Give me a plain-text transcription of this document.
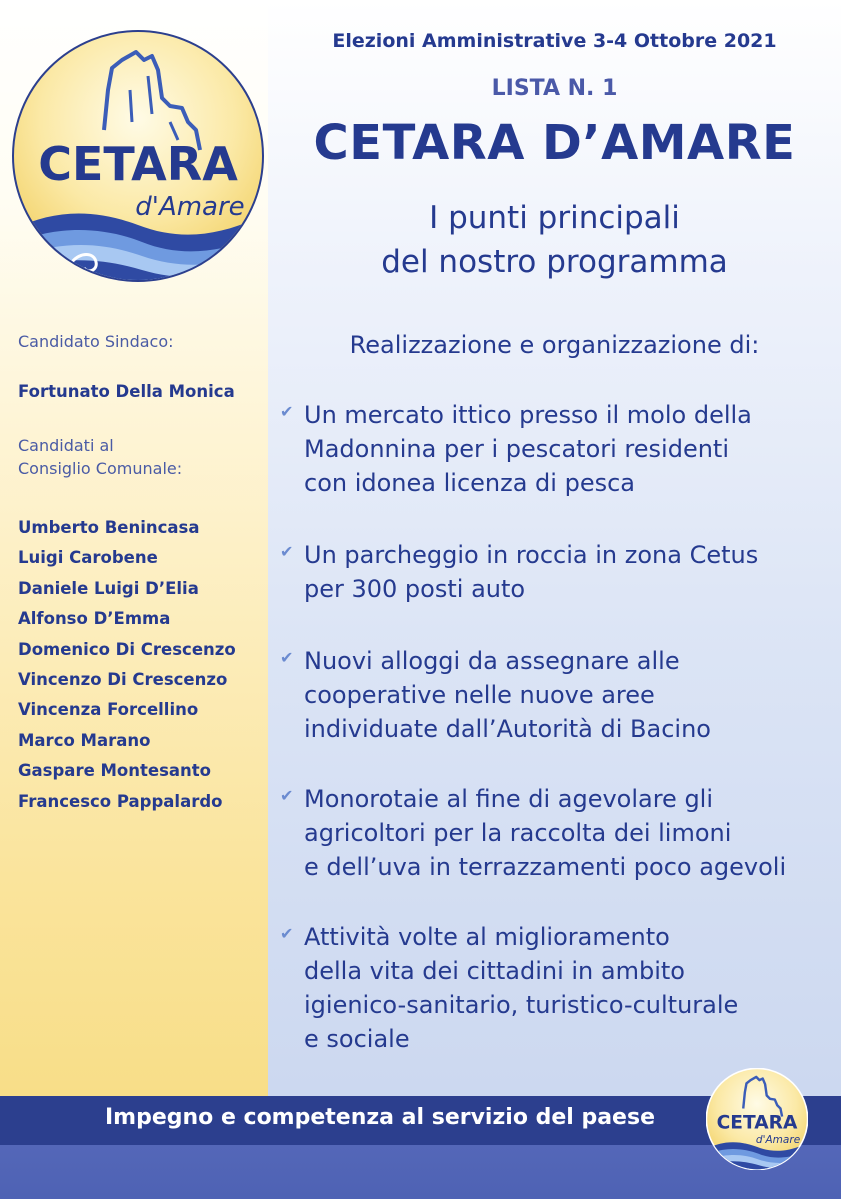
CETARA
d'Amare
Elezioni Amministrative 3-4 Ottobre 2021
LISTA N. 1
CETARA D’AMARE
I punti principali
del nostro programma
Realizzazione e organizzazione di:
✔ Un mercato ittico presso il molo della
Madonnina per i pescatori residenti
con idonea licenza di pesca
✔ Un parcheggio in roccia in zona Cetus
per 300 posti auto
✔ Nuovi alloggi da assegnare alle
cooperative nelle nuove aree
individuate dall’Autorità di Bacino
✔ Monorotaie al fine di agevolare gli
agricoltori per la raccolta dei limoni
e dell’uva in terrazzamenti poco agevoli
✔ Attività volte al miglioramento
della vita dei cittadini in ambito
igienico-sanitario, turistico-culturale
e sociale
Candidato Sindaco:
Fortunato Della Monica
Candidati al
Consiglio Comunale:
Umberto Benincasa
Luigi Carobene
Daniele Luigi D’Elia
Alfonso D’Emma
Domenico Di Crescenzo
Vincenzo Di Crescenzo
Vincenza Forcellino
Marco Marano
Gaspare Montesanto
Francesco Pappalardo
Impegno e competenza al servizio del paese	CETARA
d'Amare
